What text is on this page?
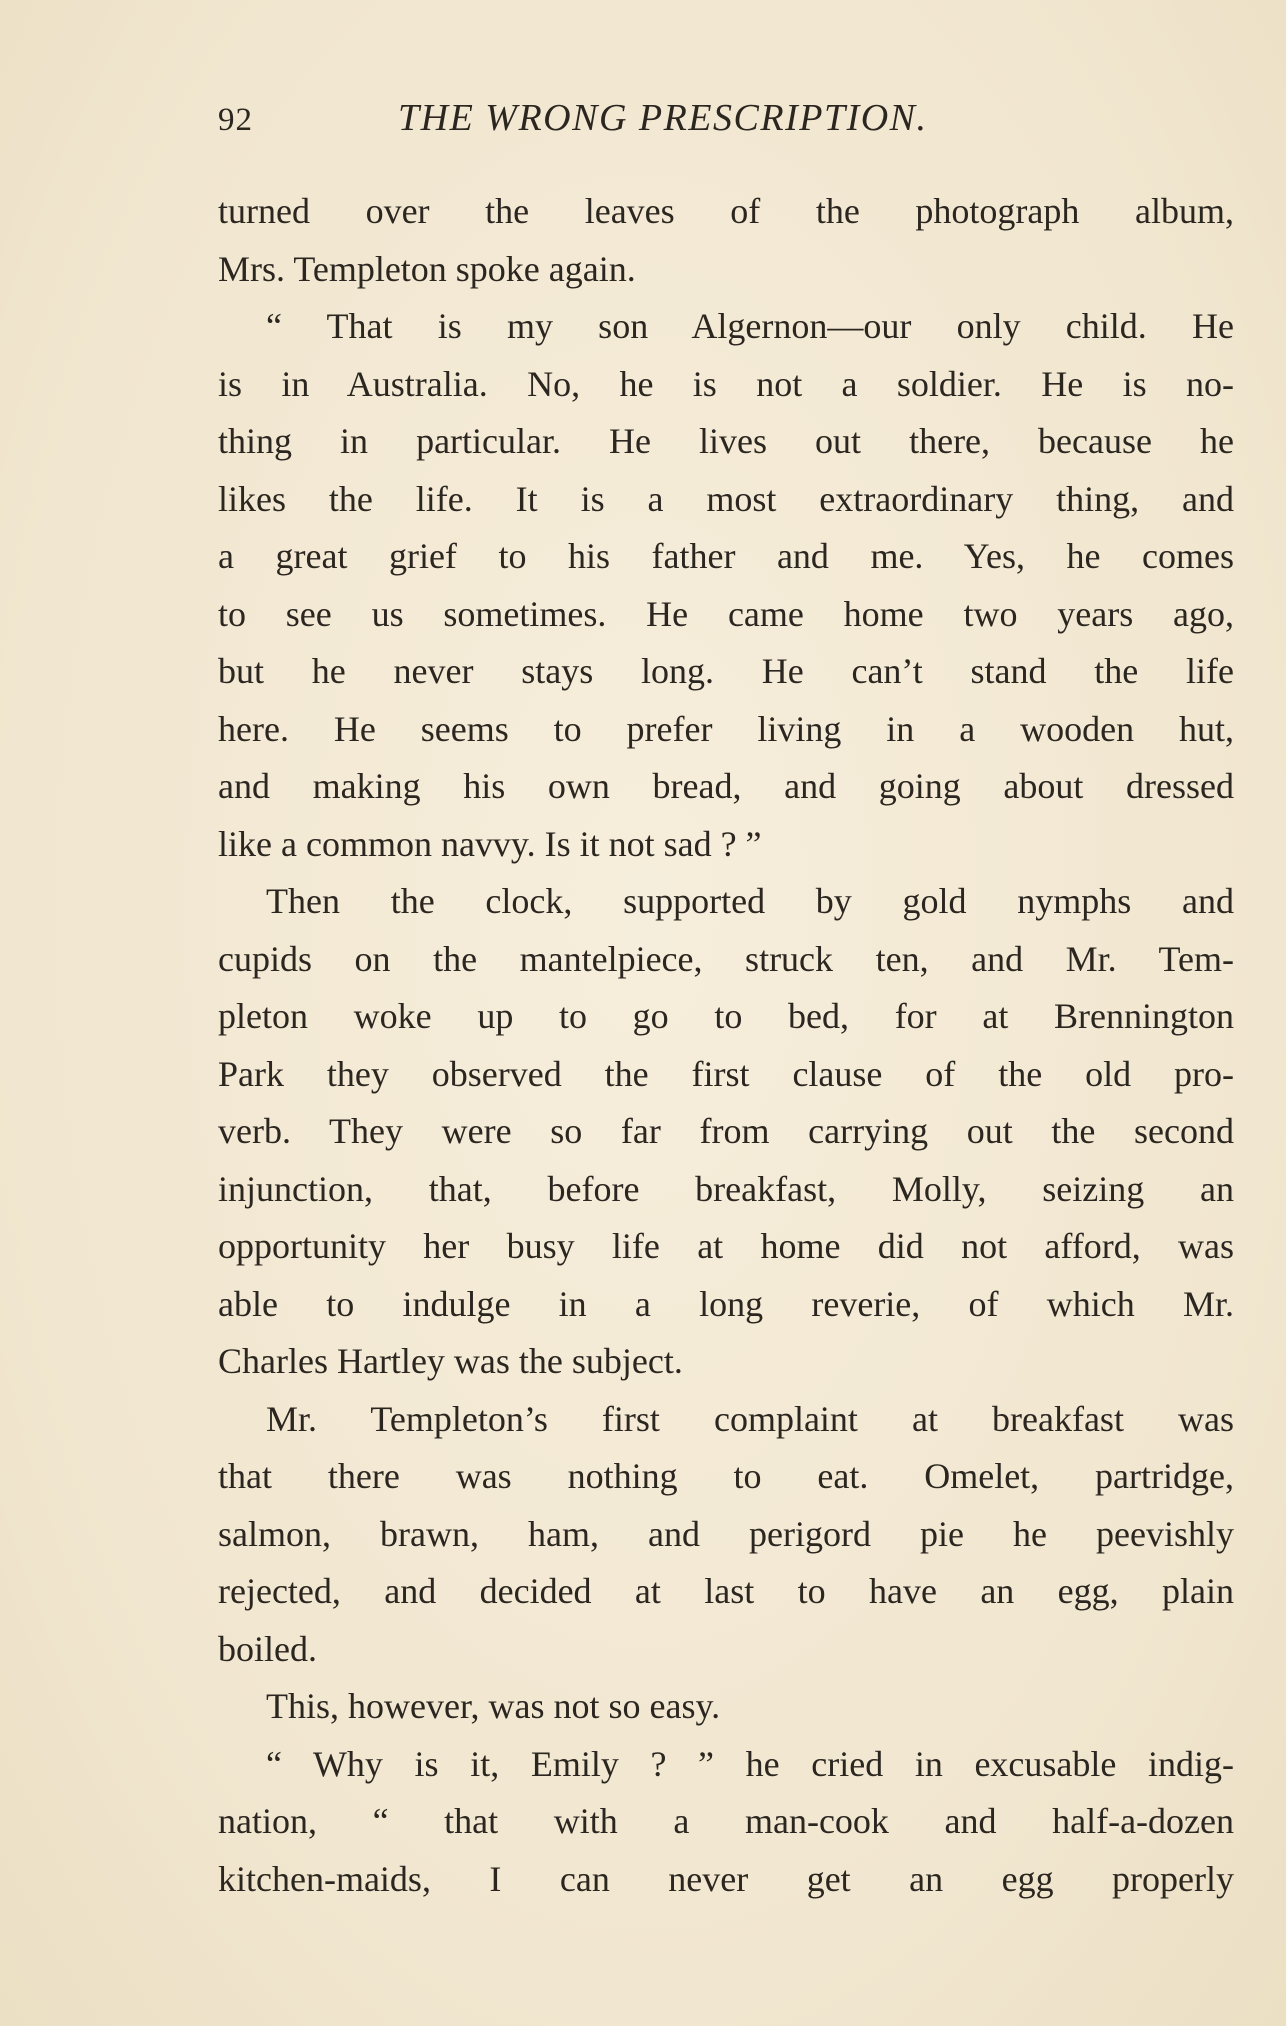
92	THE WRONG PRESCRIPTION.
turned over the leaves of the photograph album,
Mrs. Templeton spoke again.
“ That is my son Algernon—our only child. He
is in Australia. No, he is not a soldier. He is no-
thing in particular. He lives out there, because he
likes the life. It is a most extraordinary thing, and
a great grief to his father and me. Yes, he comes
to see us sometimes. He came home two years ago,
but he never stays long. He can’t stand the life
here. He seems to prefer living in a wooden hut,
and making his own bread, and going about dressed
like a common navvy. Is it not sad ? ”
Then the clock, supported by gold nymphs and
cupids on the mantelpiece, struck ten, and Mr. Tem-
pleton woke up to go to bed, for at Brennington
Park they observed the first clause of the old pro-
verb. They were so far from carrying out the second
injunction, that, before breakfast, Molly, seizing an
opportunity her busy life at home did not afford, was
able to indulge in a long reverie, of which Mr.
Charles Hartley was the subject.
Mr. Templeton’s first complaint at breakfast was
that there was nothing to eat. Omelet, partridge,
salmon, brawn, ham, and perigord pie he peevishly
rejected, and decided at last to have an egg, plain
boiled.
This, however, was not so easy.
“ Why is it, Emily ? ” he cried in excusable indig-
nation, “ that with a man-cook and half-a-dozen
kitchen-maids, I can never get an egg properly
